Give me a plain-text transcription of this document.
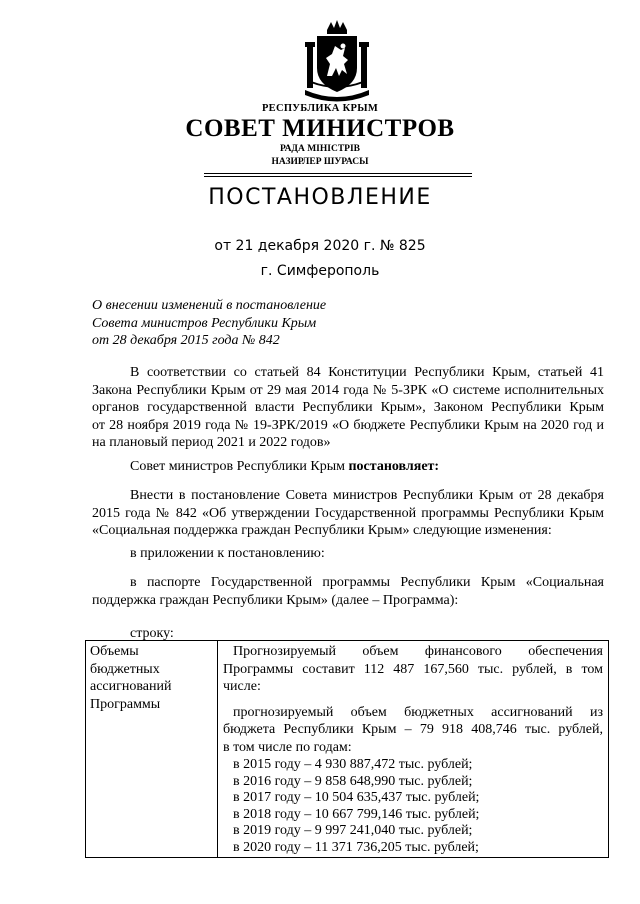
РЕСПУБЛИКА КРЫМ
СОВЕТ МИНИСТРОВ
РАДА МІНІСТРІВ
НАЗИРЛЕР ШУРАСЫ
ПОСТАНОВЛЕНИЕ
от 21 декабря 2020 г. № 825
г. Симферополь
О внесении изменений в постановление
Совета министров Республики Крым
от 28 декабря 2015 года № 842
В соответствии со статьей 84 Конституции Республики Крым, статьей 41
Закона Республики Крым от 29 мая 2014 года № 5-ЗРК «О системе исполнительных
органов государственной власти Республики Крым», Законом Республики Крым
от 28 ноября 2019 года № 19-ЗРК/2019 «О бюджете Республики Крым на 2020 год и
на плановый период 2021 и 2022 годов»
Совет министров Республики Крым постановляет:
Внести в постановление Совета министров Республики Крым от 28 декабря
2015 года № 842 «Об утверждении Государственной программы Республики Крым
«Социальная поддержка граждан Республики Крым» следующие изменения:
в приложении к постановлению:
в паспорте Государственной программы Республики Крым «Социальная
поддержка граждан Республики Крым» (далее – Программа):
строку:
Объемы
бюджетных
ассигнований
Программы
Прогнозируемый объем финансового обеспечения
Программы составит 112 487 167,560 тыс. рублей, в том
числе:
прогнозируемый объем бюджетных ассигнований из
бюджета Республики Крым – 79 918 408,746 тыс. рублей,
в том числе по годам:
в 2015 году – 4 930 887,472 тыс. рублей;
в 2016 году – 9 858 648,990 тыс. рублей;
в 2017 году – 10 504 635,437 тыс. рублей;
в 2018 году – 10 667 799,146 тыс. рублей;
в 2019 году – 9 997 241,040 тыс. рублей;
в 2020 году – 11 371 736,205 тыс. рублей;
